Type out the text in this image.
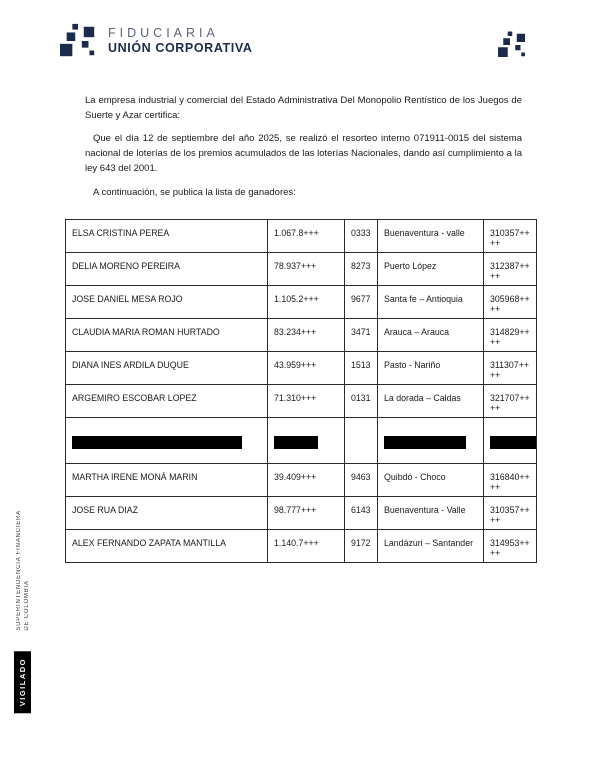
FIDUCIARIA
UNIÓN CORPORATIVA

La empresa industrial y comercial del Estado Administrativa Del Monopolio Rentístico de los Juegos de Suerte y Azar certifica:

Que el día 12 de septiembre del año 2025, se realizó el resorteo interno 071911-0015 del sistema nacional de loterías de los premios acumulados de las loterías Nacionales, dando así cumplimiento a la ley 643 del 2001.

A continuación, se publica la lista de ganadores:

ELSA CRISTINA PEREA	1.067.8+++	0333	Buenaventura - valle	310357++++
DELIA MORENO PEREIRA	78.937+++	8273	Puerto López	312387++++
JOSE DANIEL MESA ROJO	1.105.2+++	9677	Santa fe – Antioquia	305968++++
CLAUDIA MARIA ROMAN HURTADO	83.234+++	3471	Arauca – Arauca	314829++++
DIANA INES ARDILA DUQUE	43.959+++	1513	Pasto - Nariño	311307++++
ARGEMIRO ESCOBAR LOPEZ	71.310+++	0131	La dorada – Caldas	321707++++

MARTHA IRENE MONÁ MARIN	39.409+++	9463	Quibdó - Choco	316840++++
JOSE RUA DIAZ	98.777+++	6143	Buenaventura - Valle	310357++++
ALEX FERNANDO ZAPATA MANTILLA	1.140.7+++	9172	Landázuri – Santander	314953++++
SUPERINTENDENCIA FINANCIERA DE COLOMBIA
VIGILADO
